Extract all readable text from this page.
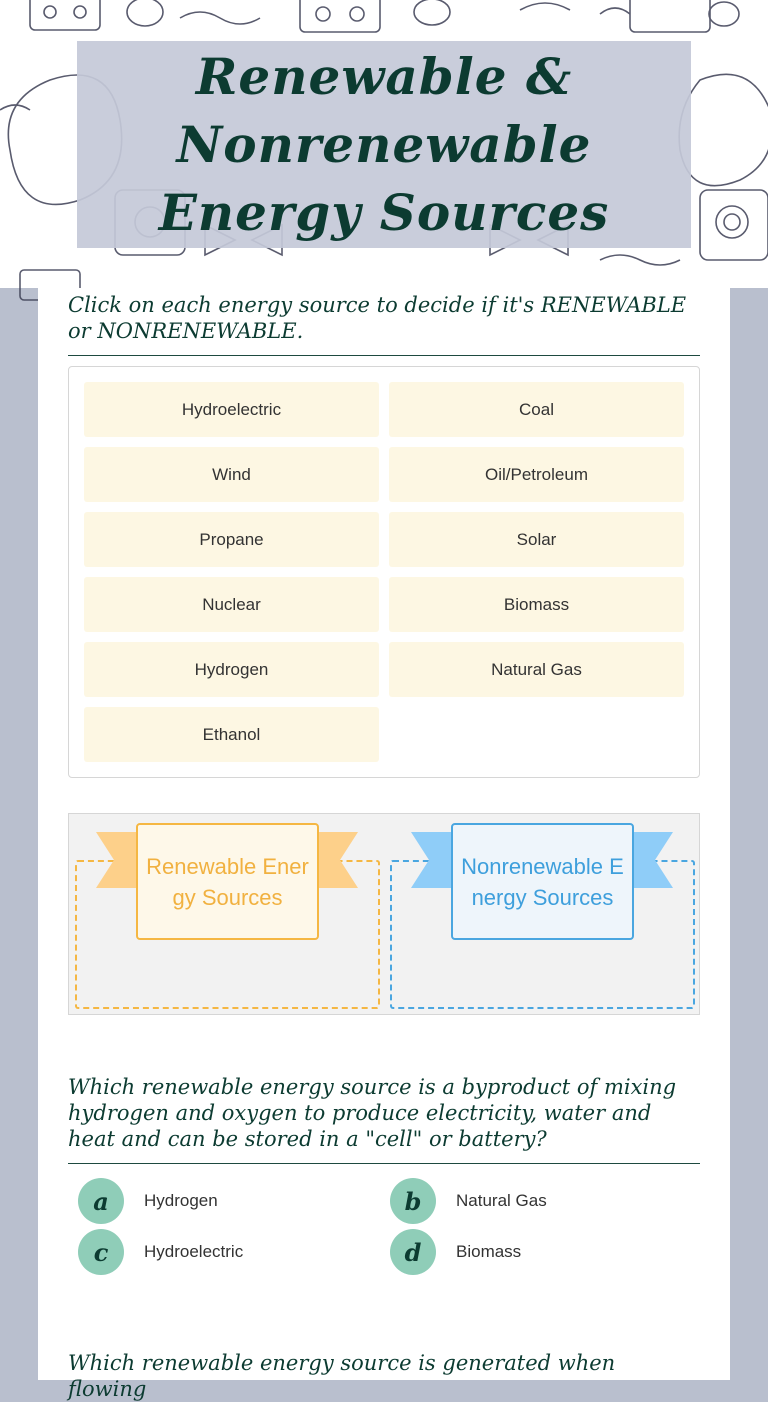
Renewable & Nonrenewable Energy Sources
Click on each energy source to decide if it's RENEWABLE or NONRENEWABLE.
Hydroelectric	Coal
Wind	Oil/Petroleum
Propane	Solar
Nuclear	Biomass
Hydrogen	Natural Gas
Ethanol
Renewable Energy Sources
Nonrenewable Energy Sources
Which renewable energy source is a byproduct of mixing hydrogen and oxygen to produce electricity, water and heat and can be stored in a "cell" or battery?
a	Hydrogen	b	Natural Gas
c	Hydroelectric	d	Biomass
Which renewable energy source is generated when flowing
